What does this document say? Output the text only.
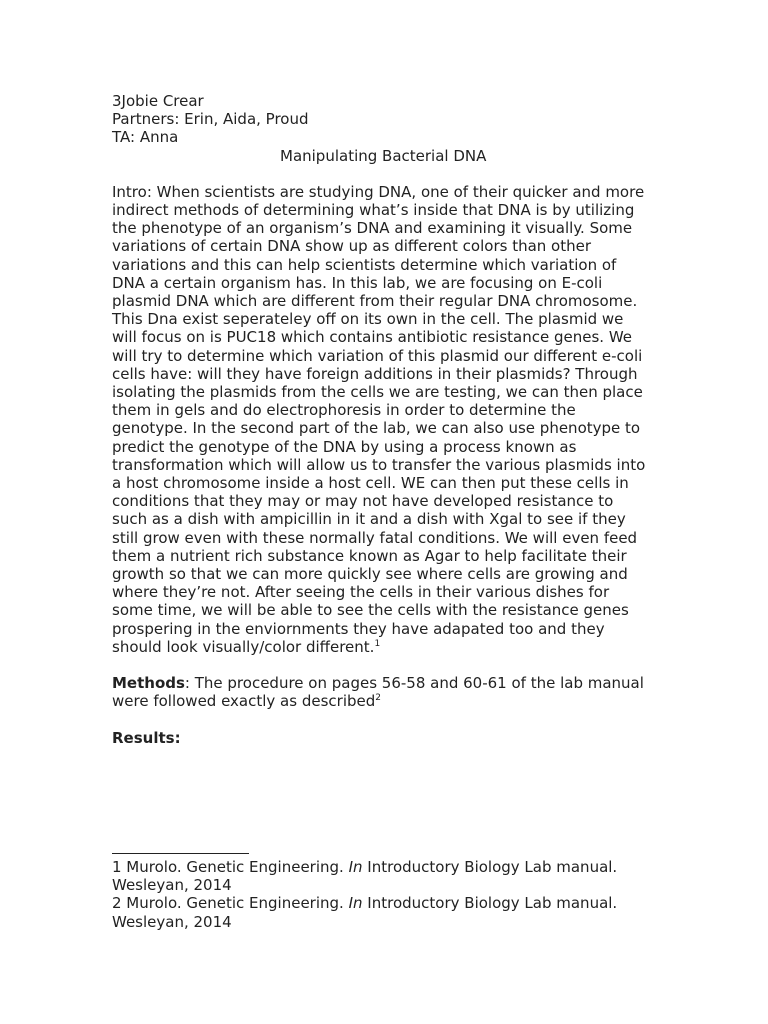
3Jobie Crear
Partners: Erin, Aida, Proud
TA: Anna
Manipulating Bacterial DNA
Intro: When scientists are studying DNA, one of their quicker and more
indirect methods of determining what’s inside that DNA is by utilizing
the phenotype of an organism’s DNA and examining it visually. Some
variations of certain DNA show up as different colors than other
variations and this can help scientists determine which variation of
DNA a certain organism has. In this lab, we are focusing on E-coli
plasmid DNA which are different from their regular DNA chromosome.
This Dna exist seperateley off on its own in the cell. The plasmid we
will focus on is PUC18 which contains antibiotic resistance genes. We
will try to determine which variation of this plasmid our different e-coli
cells have: will they have foreign additions in their plasmids? Through
isolating the plasmids from the cells we are testing, we can then place
them in gels and do electrophoresis in order to determine the
genotype. In the second part of the lab, we can also use phenotype to
predict the genotype of the DNA by using a process known as
transformation which will allow us to transfer the various plasmids into
a host chromosome inside a host cell. WE can then put these cells in
conditions that they may or may not have developed resistance to
such as a dish with ampicillin in it and a dish with Xgal to see if they
still grow even with these normally fatal conditions. We will even feed
them a nutrient rich substance known as Agar to help facilitate their
growth so that we can more quickly see where cells are growing and
where they’re not. After seeing the cells in their various dishes for
some time, we will be able to see the cells with the resistance genes
prospering in the enviornments they have adapated too and they
should look visually/color different.$^1$
Methods: The procedure on pages 56-58 and 60-61 of the lab manual
were followed exactly as described$^2$
Results:
1 Murolo. Genetic Engineering. In Introductory Biology Lab manual.
Wesleyan, 2014
2 Murolo. Genetic Engineering. In Introductory Biology Lab manual.
Wesleyan, 2014
